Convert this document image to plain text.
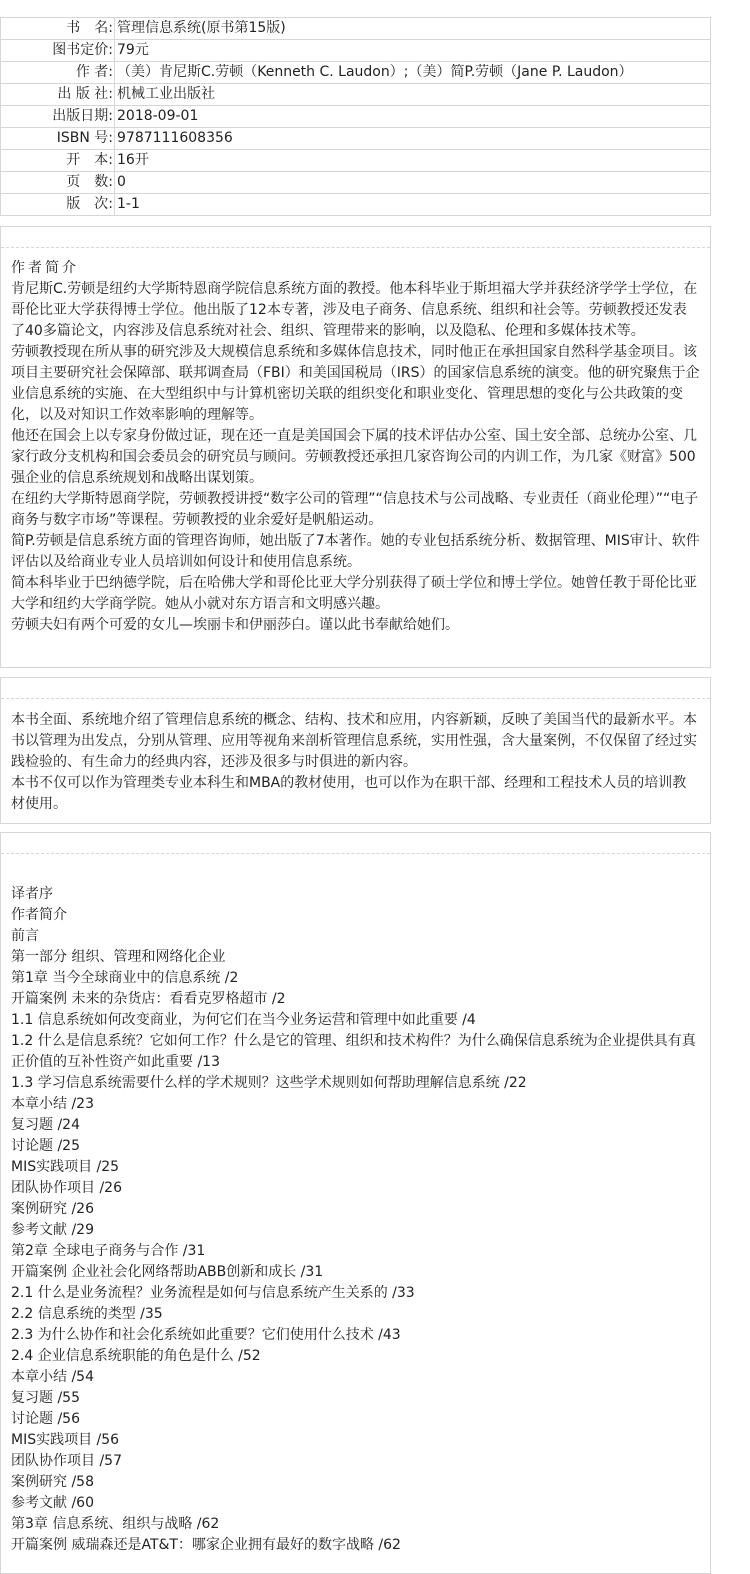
书　名:	管理信息系统(原书第15版)
图书定价:	79元
作 者:	（美）肯尼斯C.劳顿（Kenneth C. Laudon）;（美）简P.劳顿（Jane P. Laudon）
出 版 社:	机械工业出版社
出版日期:	2018-09-01
ISBN 号:	9787111608356
开　本:	16开
页　数:	0
版　次:	1-1

作者简介

肯尼斯C.劳顿是纽约大学斯特恩商学院信息系统方面的教授。他本科毕业于斯坦福大学并获经济学学士学位，在哥伦比亚大学获得博士学位。他出版了12本专著，涉及电子商务、信息系统、组织和社会等。劳顿教授还发表了40多篇论文，内容涉及信息系统对社会、组织、管理带来的影响，以及隐私、伦理和多媒体技术等。

劳顿教授现在所从事的研究涉及大规模信息系统和多媒体信息技术，同时他正在承担国家自然科学基金项目。该项目主要研究社会保障部、联邦调查局（FBI）和美国国税局（IRS）的国家信息系统的演变。他的研究聚焦于企业信息系统的实施、在大型组织中与计算机密切关联的组织变化和职业变化、管理思想的变化与公共政策的变化，以及对知识工作效率影响的理解等。

他还在国会上以专家身份做过证，现在还一直是美国国会下属的技术评估办公室、国土安全部、总统办公室、几家行政分支机构和国会委员会的研究员与顾问。劳顿教授还承担几家咨询公司的内训工作，为几家《财富》500强企业的信息系统规划和战略出谋划策。

在纽约大学斯特恩商学院，劳顿教授讲授“数字公司的管理”“信息技术与公司战略、专业责任（商业伦理）”“电子商务与数字市场”等课程。劳顿教授的业余爱好是帆船运动。

简P.劳顿是信息系统方面的管理咨询师，她出版了7本著作。她的专业包括系统分析、数据管理、MIS审计、软件评估以及给商业专业人员培训如何设计和使用信息系统。

简本科毕业于巴纳德学院，后在哈佛大学和哥伦比亚大学分别获得了硕士学位和博士学位。她曾任教于哥伦比亚大学和纽约大学商学院。她从小就对东方语言和文明感兴趣。

劳顿夫妇有两个可爱的女儿—埃丽卡和伊丽莎白。谨以此书奉献给她们。

本书全面、系统地介绍了管理信息系统的概念、结构、技术和应用，内容新颖，反映了美国当代的最新水平。本书以管理为出发点，分别从管理、应用等视角来剖析管理信息系统，实用性强，含大量案例，不仅保留了经过实践检验的、有生命力的经典内容，还涉及很多与时俱进的新内容。

本书不仅可以作为管理类专业本科生和MBA的教材使用，也可以作为在职干部、经理和工程技术人员的培训教材使用。

译者序

作者简介

前言

第一部分 组织、管理和网络化企业

第1章 当今全球商业中的信息系统 /2

开篇案例 未来的杂货店：看看克罗格超市 /2

1.1 信息系统如何改变商业，为何它们在当今业务运营和管理中如此重要 /4

1.2 什么是信息系统？它如何工作？什么是它的管理、组织和技术构件？为什么确保信息系统为企业提供具有真正价值的互补性资产如此重要 /13

1.3 学习信息系统需要什么样的学术规则？这些学术规则如何帮助理解信息系统 /22

本章小结 /23

复习题 /24

讨论题 /25

MIS实践项目 /25

团队协作项目 /26

案例研究 /26

参考文献 /29

第2章 全球电子商务与合作 /31

开篇案例 企业社会化网络帮助ABB创新和成长 /31

2.1 什么是业务流程？业务流程是如何与信息系统产生关系的 /33

2.2 信息系统的类型 /35

2.3 为什么协作和社会化系统如此重要？它们使用什么技术 /43

2.4 企业信息系统职能的角色是什么 /52

本章小结 /54

复习题 /55

讨论题 /56

MIS实践项目 /56

团队协作项目 /57

案例研究 /58

参考文献 /60

第3章 信息系统、组织与战略 /62

开篇案例 威瑞森还是AT&T：哪家企业拥有最好的数字战略 /62
